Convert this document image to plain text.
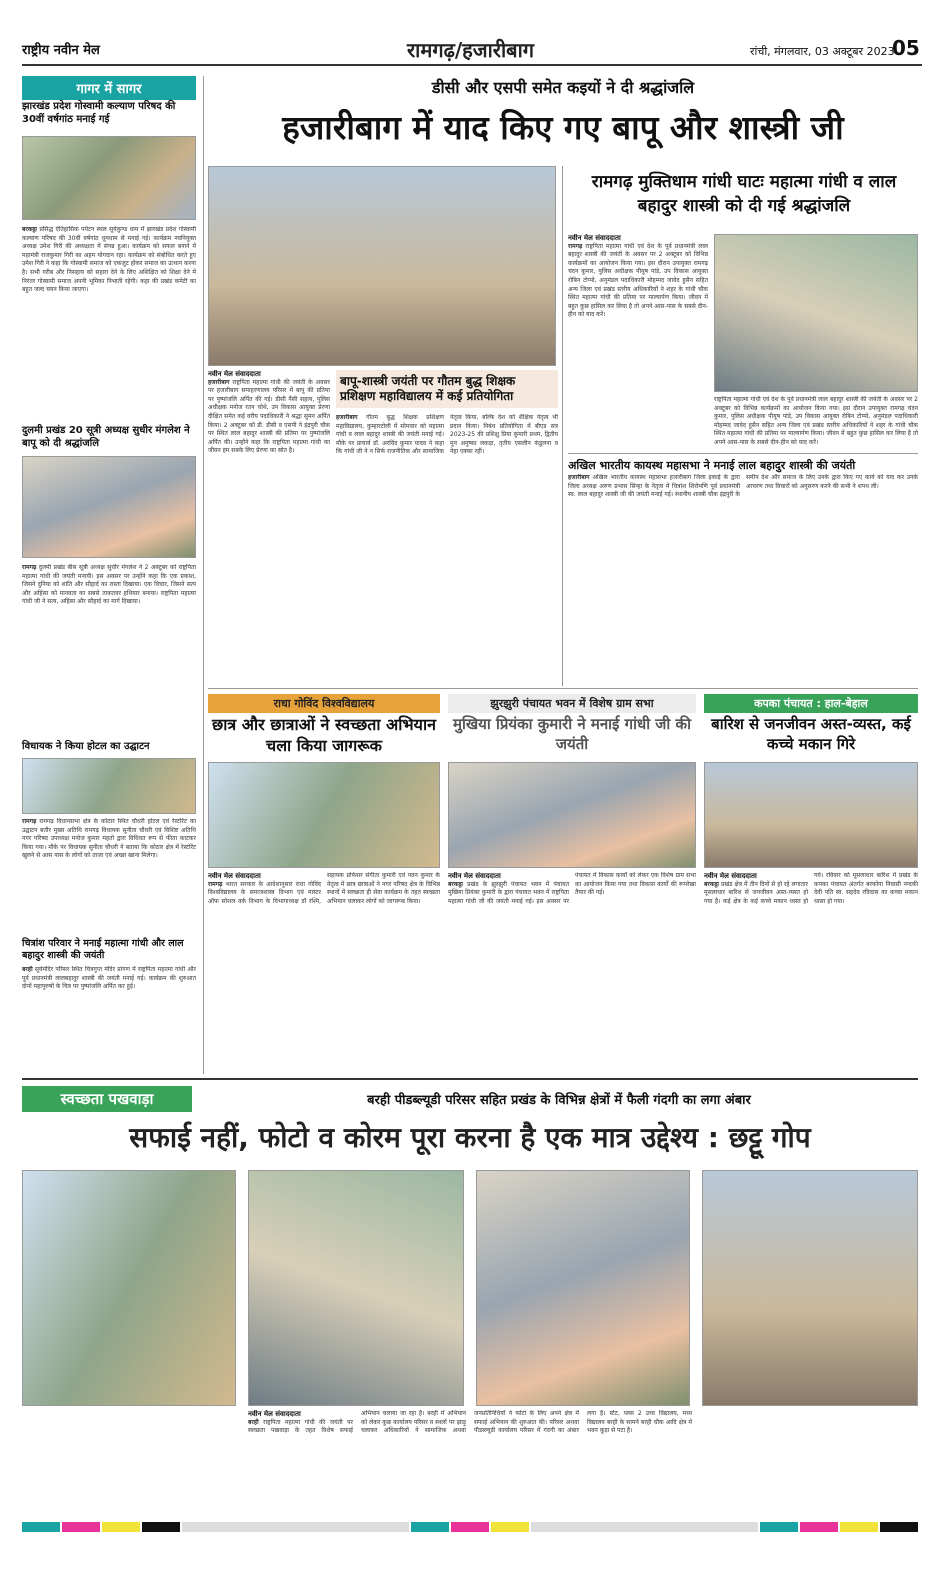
राष्ट्रीय नवीन मेल	रामगढ़/हजारीबाग	रांची, मंगलवार, 03 अक्टूबर 2023
05
गागर में सागर
झारखंड प्रदेश गोस्वामी कल्याण परिषद की 30वीं वर्षगांठ मनाई गई
बरकट्ठा प्रसिद्ध ऐतिहासिक पर्यटन स्थल सूर्यकुण्ड धाम में झारखंड प्रदेश गोस्वामी कल्याण परिषद की 30वीं वर्षगांठ धूमधाम से मनाई गई। कार्यक्रम नवनियुक्त अध्यक्ष उमेश गिरी की अध्यक्षता में संपन्न हुआ। कार्यक्रम को सफल बनाने में महामंत्री राजकुमार गिरी का अहम योगदान रहा। कार्यक्रम को संबोधित करते हुए उमेश गिरी ने कहा कि गोस्वामी समाज को एकजुट होकर समाज का उत्थान करना है। सभी गरीब और निसहाय को सहारा देने के लिए अशिक्षित को शिक्षा देने में निरंतर गोस्वामी समाज अपनी भूमिका निभाती रहेगी। कहा की प्रखंड कमेटी का बहुत जल्द चयन किया जाएगा।
दुलमी प्रखंड 20 सूत्री अध्यक्ष सुधीर मंगलेश ने बापू को दी श्रद्धांजलि
रामगढ़ दुलमी प्रखंड बीस सूत्री अध्यक्ष सुधीर मंगलेश ने 2 अक्टूबर को राष्ट्रपिता महात्मा गांधी की जयंती मनायी। इस अवसर पर उन्होंने कहा कि एक प्रकाश, जिसने दुनिया को शांति और सौहार्द का रास्ता दिखाया। एक विचार, जिसने सत्य और अहिंसा को मानवता का सबसे ताकतवर हथियार बनाया। राष्ट्रपिता महात्मा गांधी जी ने सत्य, अहिंसा और सौहार्द का मार्ग दिखाया।
विधायक ने किया होटल का उद्घाटन
रामगढ़ रामगढ़ विधानसभा क्षेत्र के कोठार स्थित चौधरी होटल एवं रेस्टोरेंट का उद्घाटन बतौर मुख्य अतिथि रामगढ़ विधायक सुनीता चौधरी एवं विशिष्ट अतिथि नगर परिषद उपाध्यक्ष मनोज कुमार महतो द्वारा विधिवत रूप से फीता काटकर किया गया। मौके पर विधायक सुनीता चौधरी ने बताया कि कोठार क्षेत्र में रेस्टोरेंट खुलने से आस पास के लोगों को ताजा एवं अच्छा खाना मिलेगा।
चित्रांश परिवार ने मनाई महात्मा गांधी और लाल बहादुर शास्त्री की जयंती
बरही सूर्यमंदिर परिसर स्थित चित्रगुप्त मंदिर प्रांगण में राष्ट्रपिता महात्मा गांधी और पूर्व प्रधानमंत्री लालबहादुर शास्त्री की जयंती मनाई गई। कार्यक्रम की शुरुआत दोनों महापुरुषों के चित्र पर पुष्पांजलि अर्पित कर हुई।
डीसी और एसपी समेत कइयों ने दी श्रद्धांजलि
हजारीबाग में याद किए गए बापू और शास्त्री जी
नवीन मेल संवाददाता
हजारीबाग राष्ट्रपिता महात्मा गांधी की जयंती के अवसर पर हजारीबाग समाहरणालय परिसर में बापू की प्रतिमा पर पुष्पांजलि अर्पित की गई। डीसी नैंसी सहाय, पुलिस अधीक्षक मनोज रतन चोथे, उप विकास आयुक्त प्रेरणा दीक्षित समेत कई वरीय पदाधिकारी ने श्रद्धा सुमन अर्पित किया। 2 अक्टूबर को डी. डीसी व एसपी ने इंद्रपुरी चौक पर स्थित लाल बहादुर शास्त्री की प्रतिमा पर पुष्पांजलि अर्पित की। उन्होंने कहा कि राष्ट्रपिता महात्मा गांधी का जीवन हम सबके लिए प्रेरणा का स्रोत है।
बापू-शास्त्री जयंती पर गौतम बुद्ध शिक्षक प्रशिक्षण महाविद्यालय में कई प्रतियोगिता
हजारीबाग गौतम बुद्ध शिक्षक प्रशिक्षण महाविद्यालय, कुम्हारटोली में सोमवार को महात्मा गांधी व लाल बहादुर शास्त्री की जयंती मनाई गई। मौके पर प्राचार्य डॉ. अरविंद कुमार यादव ने कहा कि गांधी जी ने न सिर्फ राजनीतिक और सामाजिक नेतृत्व किया, बल्कि देश को शैक्षिक नेतृत्व भी प्रदान किया। निबंध प्रतियोगिता में बीएड सत्र 2023-25 की प्रशिक्षु प्रिया कुमारी प्रथम, द्वितीय मुन अनुष्का लकड़ा, तृतीय एसलीन कंडूलना व नेहा एक्का रहीं।
रामगढ़ मुक्तिधाम गांधी घाटः महात्मा गांधी व लाल बहादुर शास्त्री को दी गई श्रद्धांजलि
नवीन मेल संवाददाता
रामगढ़ राष्ट्रपिता महात्मा गांधी एवं देश के पूर्व प्रधानमंत्री लाल बहादुर शास्त्री की जयंती के अवसर पर 2 अक्टूबर को विभिन्न कार्यक्रमों का आयोजन किया गया। इस दौरान उपायुक्त रामगढ़ चंदन कुमार, पुलिस अधीक्षक पीयूष पांडे, उप विकास आयुक्त रोबिन टोप्पो, अनुमंडल पदाधिकारी मोहम्मद जावेद हुसैन सहित अन्य जिला एवं प्रखंड स्तरीय अधिकारियों ने शहर के गांधी चौक स्थित महात्मा गांधी की प्रतिमा पर माल्यार्पण किया। जीवन में बहुत कुछ हासिल कर लिया है तो अपने आस-पास के सबसे दीन-हीन को याद करें।
राष्ट्रपिता महात्मा गांधी एवं देश के पूर्व प्रधानमंत्री लाल बहादुर शास्त्री की जयंती के अवसर पर 2 अक्टूबर को विभिन्न कार्यक्रमों का आयोजन किया गया। इस दौरान उपायुक्त रामगढ़ चंदन कुमार, पुलिस अधीक्षक पीयूष पांडे, उप विकास आयुक्त रोबिन टोप्पो, अनुमंडल पदाधिकारी मोहम्मद जावेद हुसैन सहित अन्य जिला एवं प्रखंड स्तरीय अधिकारियों ने शहर के गांधी चौक स्थित महात्मा गांधी की प्रतिमा पर माल्यार्पण किया। जीवन में बहुत कुछ हासिल कर लिया है तो अपने आस-पास के सबसे दीन-हीन को याद करें।
अखिल भारतीय कायस्थ महासभा ने मनाई लाल बहादुर शास्त्री की जयंती
हजारीबाग अखिल भारतीय कायस्थ महासभा हजारीबाग जिला इकाई के द्वारा जिला अध्यक्ष अरुण प्रभास सिन्हा के नेतृत्व में चित्रांश शिरोमणि पूर्व प्रधानमंत्री स्व. लाल बहादुर शास्त्री जी की जयंती मनाई गई। स्थानीय शास्त्री चौक इंद्रपुरी के समीप देश और समाज के लिए उनके द्वारा किए गए कार्य को याद कर उनके आचरण तथा विचारों को अनुसरण करने की सभी ने शपथ ली।
राधा गोविंद विश्वविद्यालय
छात्र और छात्राओं ने स्वच्छता अभियान चला किया जागरूक
नवीन मेल संवाददाता
रामगढ़ भारत सरकार के आदेशानुसार राधा गोविंद विश्वविद्यालय के समाजशास्त्र विभाग एवं मास्टर ऑफ सोशल वर्क विभाग के विभागाध्यक्ष डॉ रश्मि, सहायक प्रोफेसर संगीता कुमारी एवं पवन कुमार के नेतृत्व में छात्र छात्राओं ने नगर परिषद क्षेत्र के विभिन्न स्थानों में स्वच्छता ही सेवा कार्यक्रम के तहत स्वच्छता अभियान चलाकर लोगों को जागरूक किया।
झुरझुरी पंचायत भवन में विशेष ग्राम सभा
मुखिया प्रियंका कुमारी ने मनाई गांधी जी की जयंती
नवीन मेल संवाददाता
बरकट्ठा प्रखंड के झुरझुरी पंचायत भवन में पंचायत मुखिया प्रियंका कुमारी के द्वारा पंचायत भवन में राष्ट्रपिता महात्मा गांधी जी की जयंती मनाई गई। इस अवसर पर पंचायत में विकास कार्यों को लेकर एक विशेष ग्राम सभा का आयोजन किया गया तथा विकास कार्यों की रूपरेखा तैयार की गई।
कपका पंचायत : हाल-बेहाल
बारिश से जनजीवन अस्त-व्यस्त, कई कच्चे मकान गिरे
नवीन मेल संवाददाता
बरकट्ठा प्रखंड क्षेत्र में तीन दिनों से हो रहे लगातार मूसलाधार बारिश से जनजीवन अस्त-व्यस्त हो गया है। कई क्षेत्र के कई कच्चे मकान ध्वस्त हो गये। रविवार को मूसलाधार बारिश में प्रखंड के कपका पंचायत अंतर्गत बरकोपा निवासी नन्दकी देवी पति स्व. सहदेव रविदास का कच्चा मकान ध्वस्त हो गया।
स्वच्छता पखवाड़ा	बरही पीडब्ल्यूडी परिसर सहित प्रखंड के विभिन्न क्षेत्रों में फैली गंदगी का लगा अंबार
सफाई नहीं, फोटो व कोरम पूरा करना है एक मात्र उद्देश्य : छट्टू गोप
नवीन मेल संवाददाता
बरही राष्ट्रपिता महात्मा गांधी की जयंती पर स्वच्छता पखवाड़ा के तहत विशेष सफाई अभियान चलाया जा रहा है। बरही में अभियान को लेकर कुछ कार्यालय परिसर व स्थलों पर झाड़ू चलाकर अधिकारियों ने सामाजिक अथवा जनप्रतिनिधियों ने फोटो के लिए अपने क्षेत्र में सफाई अभियान की शुरुआत की। परिसर अथवा पीडब्ल्यूडी कार्यालय परिसर में गंदगी का अंबार लगा है। स्टेट, प्लस 2 उच्च विद्यालय, मध्य विद्यालय बरही के सामने बरही चौक आदि क्षेत्र में भवन कूड़ा से पटा है।
